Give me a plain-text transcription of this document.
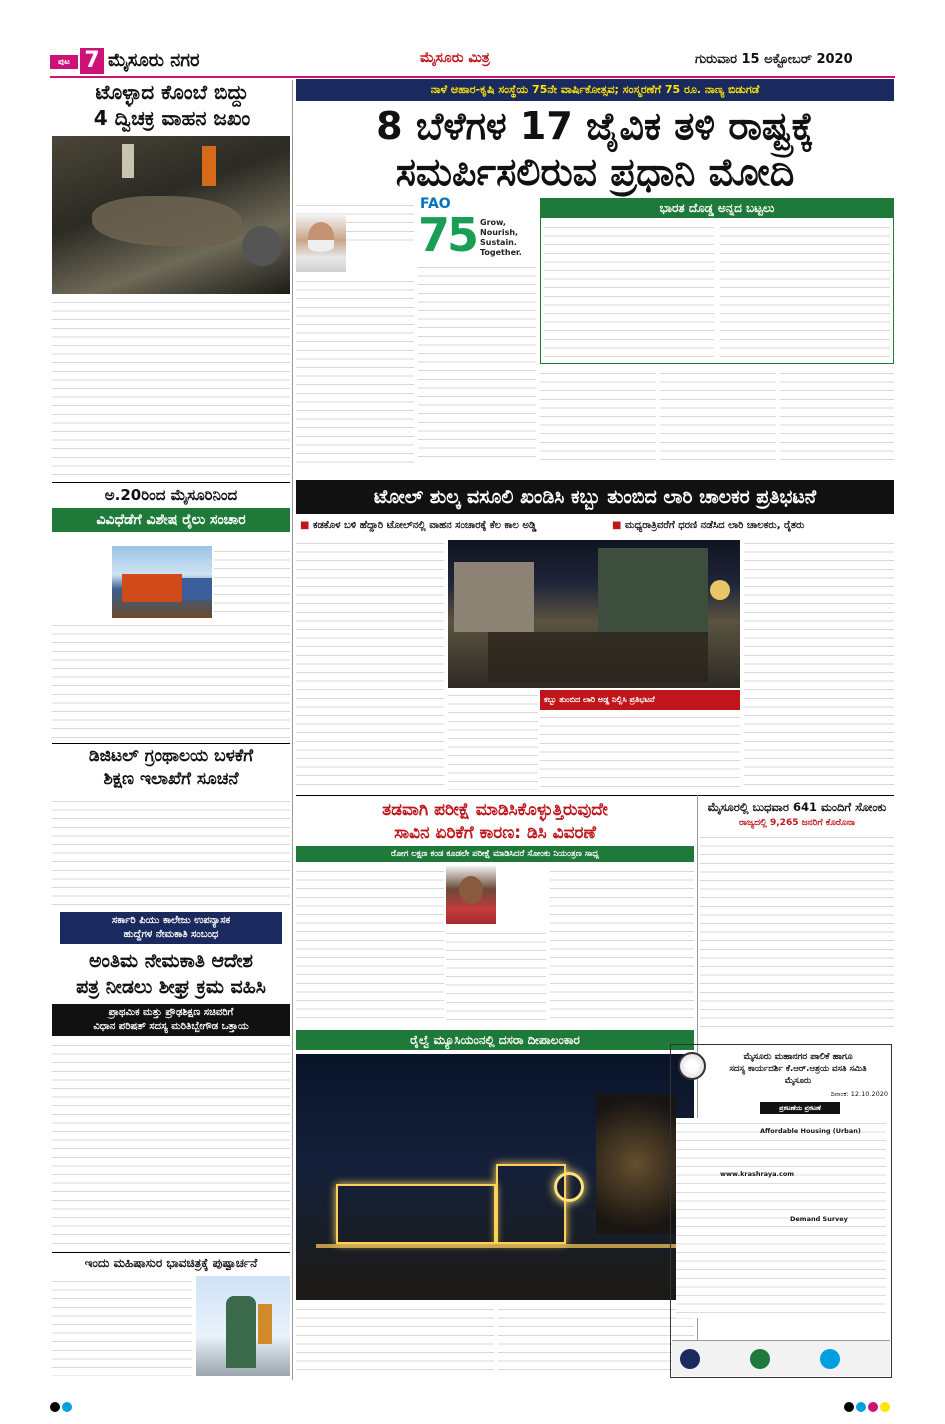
ಪುಟ 7 ಮೈಸೂರು ನಗರ	ಮೈಸೂರು ಮಿತ್ರ	ಗುರುವಾರ 15 ಅಕ್ಟೋಬರ್ 2020
ಟೊಳ್ಳಾದ ಕೊಂಬೆ ಬಿದ್ದು
4 ದ್ವಿಚಕ್ರ ವಾಹನ ಜಖಂ
ಅ.20ರಿಂದ ಮೈಸೂರಿನಿಂದ
ವಿವಿಧೆಡೆಗೆ ವಿಶೇಷ ರೈಲು ಸಂಚಾರ
ಡಿಜಿಟಲ್ ಗ್ರಂಥಾಲಯ ಬಳಕೆಗೆ
ಶಿಕ್ಷಣ ಇಲಾಖೆಗೆ ಸೂಚನೆ
ಸರ್ಕಾರಿ ಪಿಯು ಕಾಲೇಜು ಉಪನ್ಯಾಸಕ
ಹುದ್ದೆಗಳ ನೇಮಕಾತಿ ಸಂಬಂಧ
ಅಂತಿಮ ನೇಮಕಾತಿ ಆದೇಶ
ಪತ್ರ ನೀಡಲು ಶೀಘ್ರ ಕ್ರಮ ವಹಿಸಿ
ಪ್ರಾಥಮಿಕ ಮತ್ತು ಪ್ರೌಢಶಿಕ್ಷಣ ಸಚಿವರಿಗೆ
ವಿಧಾನ ಪರಿಷತ್ ಸದಸ್ಯ ಮರಿತಿಬ್ಬೇಗೌಡ ಒತ್ತಾಯ
ಇಂದು ಮಹಿಷಾಸುರ ಭಾವಚಿತ್ರಕ್ಕೆ ಪುಷ್ಪಾರ್ಚನೆ
ನಾಳೆ ಆಹಾರ-ಕೃಷಿ ಸಂಸ್ಥೆಯ 75ನೇ ವಾರ್ಷಿಕೋತ್ಸವ; ಸಂಸ್ಮರಣೆಗೆ 75 ರೂ. ನಾಣ್ಯ ಬಿಡುಗಡೆ
8 ಬೆಳೆಗಳ 17 ಜೈವಿಕ ತಳಿ ರಾಷ್ಟ್ರಕ್ಕೆ
ಸಮರ್ಪಿಸಲಿರುವ ಪ್ರಧಾನಿ ಮೋದಿ
FAO
75 Grow, Nourish, Sustain. Together.
ಭಾರತ ದೊಡ್ಡ ಅನ್ನದ ಬಟ್ಟಲು
ಟೋಲ್ ಶುಲ್ಕ ವಸೂಲಿ ಖಂಡಿಸಿ ಕಬ್ಬು ತುಂಬಿದ ಲಾರಿ ಚಾಲಕರ ಪ್ರತಿಭಟನೆ
■ ಕಡಕೊಳ ಬಳಿ ಹೆದ್ದಾರಿ ಟೋಲ್‌ನಲ್ಲಿ ವಾಹನ ಸಂಚಾರಕ್ಕೆ ಕೆಲ ಕಾಲ ಅಡ್ಡಿ	■ ಮಧ್ಯರಾತ್ರಿವರೆಗೆ ಧರಣಿ ನಡೆಸಿದ ಲಾರಿ ಚಾಲಕರು, ರೈತರು
ಕಬ್ಬು ತುಂಬಿದ ಲಾರಿ ಅಡ್ಡ ನಿಲ್ಲಿಸಿ ಪ್ರತಿಭಟನೆ
ತಡವಾಗಿ ಪರೀಕ್ಷೆ ಮಾಡಿಸಿಕೊಳ್ಳುತ್ತಿರುವುದೇ
ಸಾವಿನ ಏರಿಕೆಗೆ ಕಾರಣ: ಡಿಸಿ ವಿವರಣೆ
ರೋಗ ಲಕ್ಷಣ ಕಂಡ ಕೂಡಲೇ ಪರೀಕ್ಷೆ ಮಾಡಿಸಿದರೆ ಸೋಂಕು ನಿಯಂತ್ರಣ ಸಾಧ್ಯ
ಮೈಸೂರಲ್ಲಿ ಬುಧವಾರ 641 ಮಂದಿಗೆ ಸೋಂಕು
ರಾಜ್ಯದಲ್ಲಿ 9,265 ಜನರಿಗೆ ಕೊರೊನಾ
ರೈಲ್ವೆ ಮ್ಯೂಸಿಯಂನಲ್ಲಿ ದಸರಾ ದೀಪಾಲಂಕಾರ
ಮೈಸೂರು ಮಹಾನಗರ ಪಾಲಿಕೆ ಹಾಗೂ
ಸದಸ್ಯ ಕಾರ್ಯದರ್ಶಿ ಕೆ.ಆರ್.ಆಶ್ರಯ ವಸತಿ ಸಮಿತಿ
ಮೈಸೂರು
ದಿನಾಂಕ: 12.10.2020
ಪ್ರಕಟಣೆಯ ಪ್ರಕಟಣೆ
Affordable Housing (Urban)
Demand Survey
www.krashraya.com
